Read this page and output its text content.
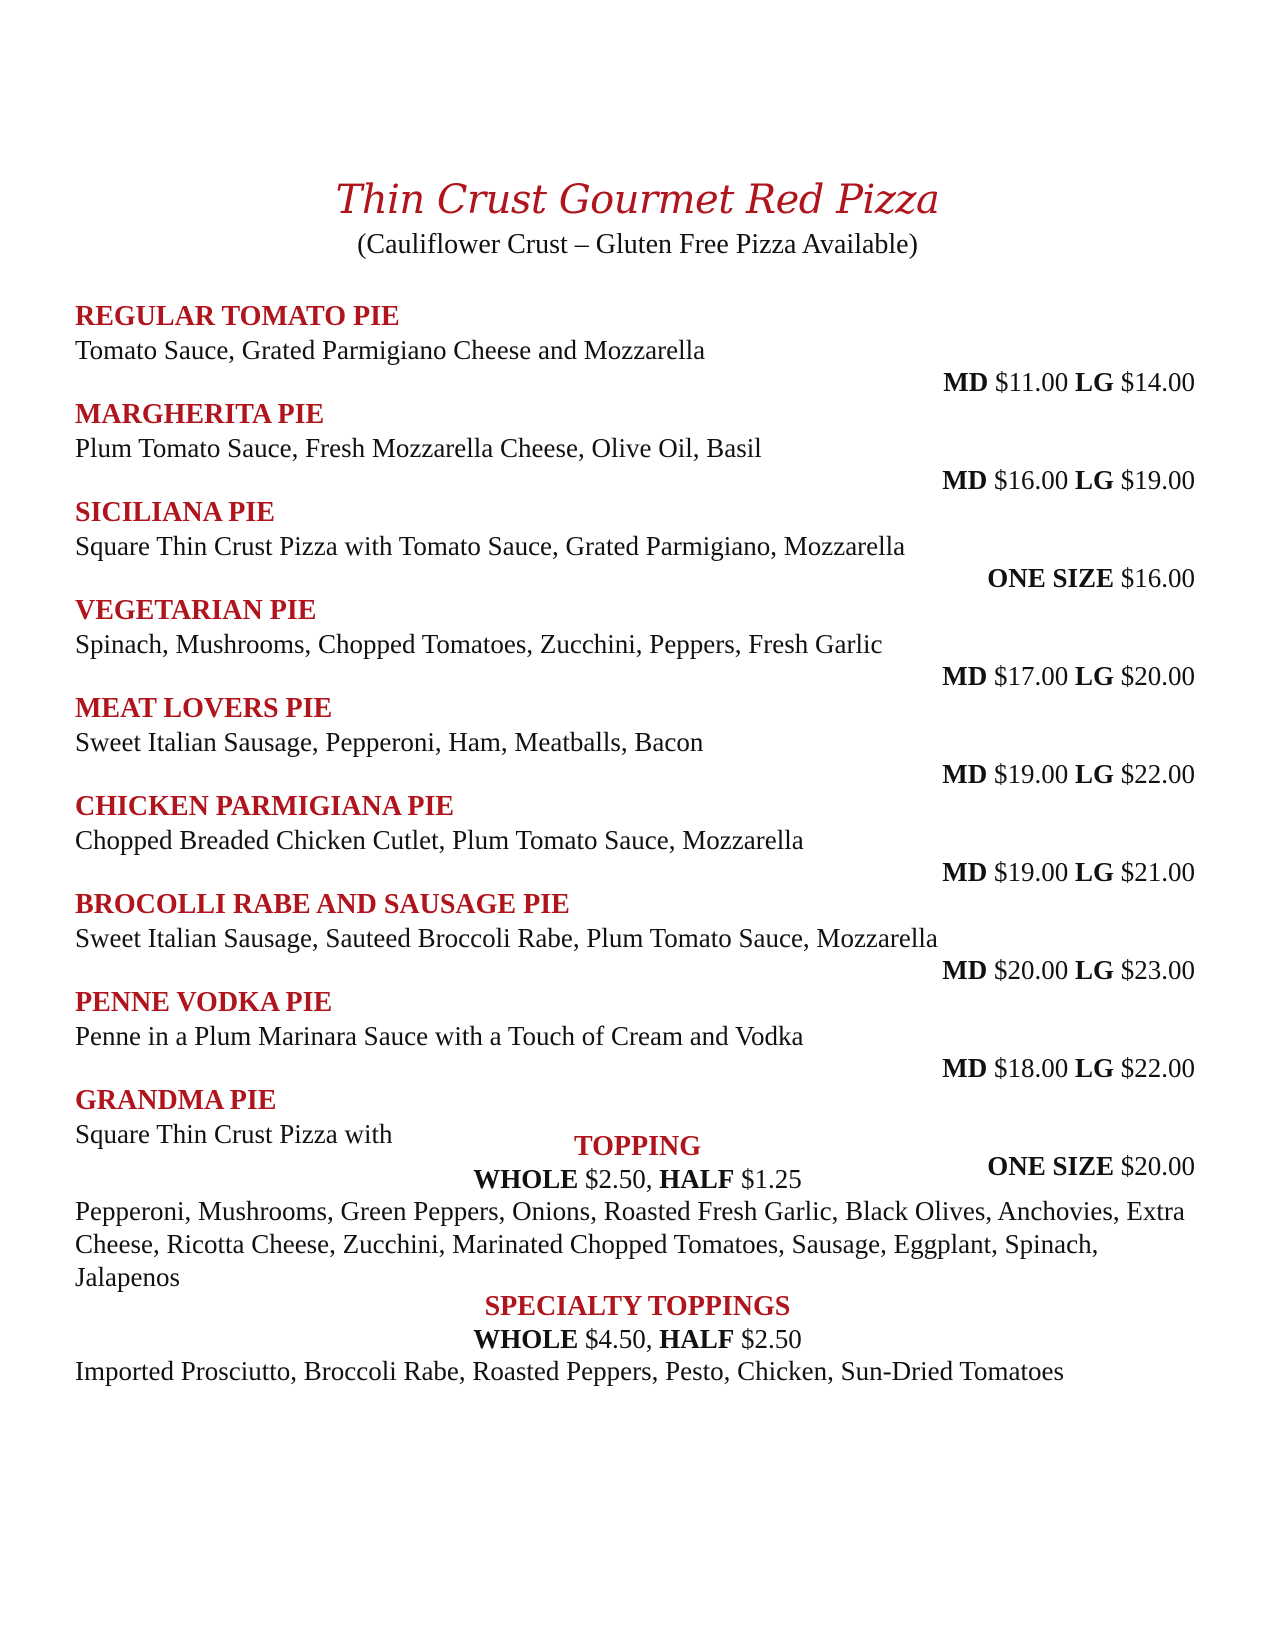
Thin Crust Gourmet Red Pizza
(Cauliflower Crust – Gluten Free Pizza Available)
REGULAR TOMATO PIE
Tomato Sauce, Grated Parmigiano Cheese and Mozzarella
MD $11.00 LG $14.00
MARGHERITA PIE
Plum Tomato Sauce, Fresh Mozzarella Cheese, Olive Oil, Basil
MD $16.00 LG $19.00
SICILIANA PIE
Square Thin Crust Pizza with Tomato Sauce, Grated Parmigiano, Mozzarella
ONE SIZE $16.00
VEGETARIAN PIE
Spinach, Mushrooms, Chopped Tomatoes, Zucchini, Peppers, Fresh Garlic
MD $17.00 LG $20.00
MEAT LOVERS PIE
Sweet Italian Sausage, Pepperoni, Ham, Meatballs, Bacon
MD $19.00 LG $22.00
CHICKEN PARMIGIANA PIE
Chopped Breaded Chicken Cutlet, Plum Tomato Sauce, Mozzarella
MD $19.00 LG $21.00
BROCOLLI RABE AND SAUSAGE PIE
Sweet Italian Sausage, Sauteed Broccoli Rabe, Plum Tomato Sauce, Mozzarella
MD $20.00 LG $23.00
PENNE VODKA PIE
Penne in a Plum Marinara Sauce with a Touch of Cream and Vodka
MD $18.00 LG $22.00
GRANDMA PIE
Square Thin Crust Pizza with
ONE SIZE $20.00
TOPPING
WHOLE $2.50, HALF $1.25
Pepperoni, Mushrooms, Green Peppers, Onions, Roasted Fresh Garlic, Black Olives, Anchovies, Extra Cheese, Ricotta Cheese, Zucchini, Marinated Chopped Tomatoes, Sausage, Eggplant, Spinach, Jalapenos
SPECIALTY TOPPINGS
WHOLE $4.50, HALF $2.50
Imported Prosciutto, Broccoli Rabe, Roasted Peppers, Pesto, Chicken, Sun-Dried Tomatoes
